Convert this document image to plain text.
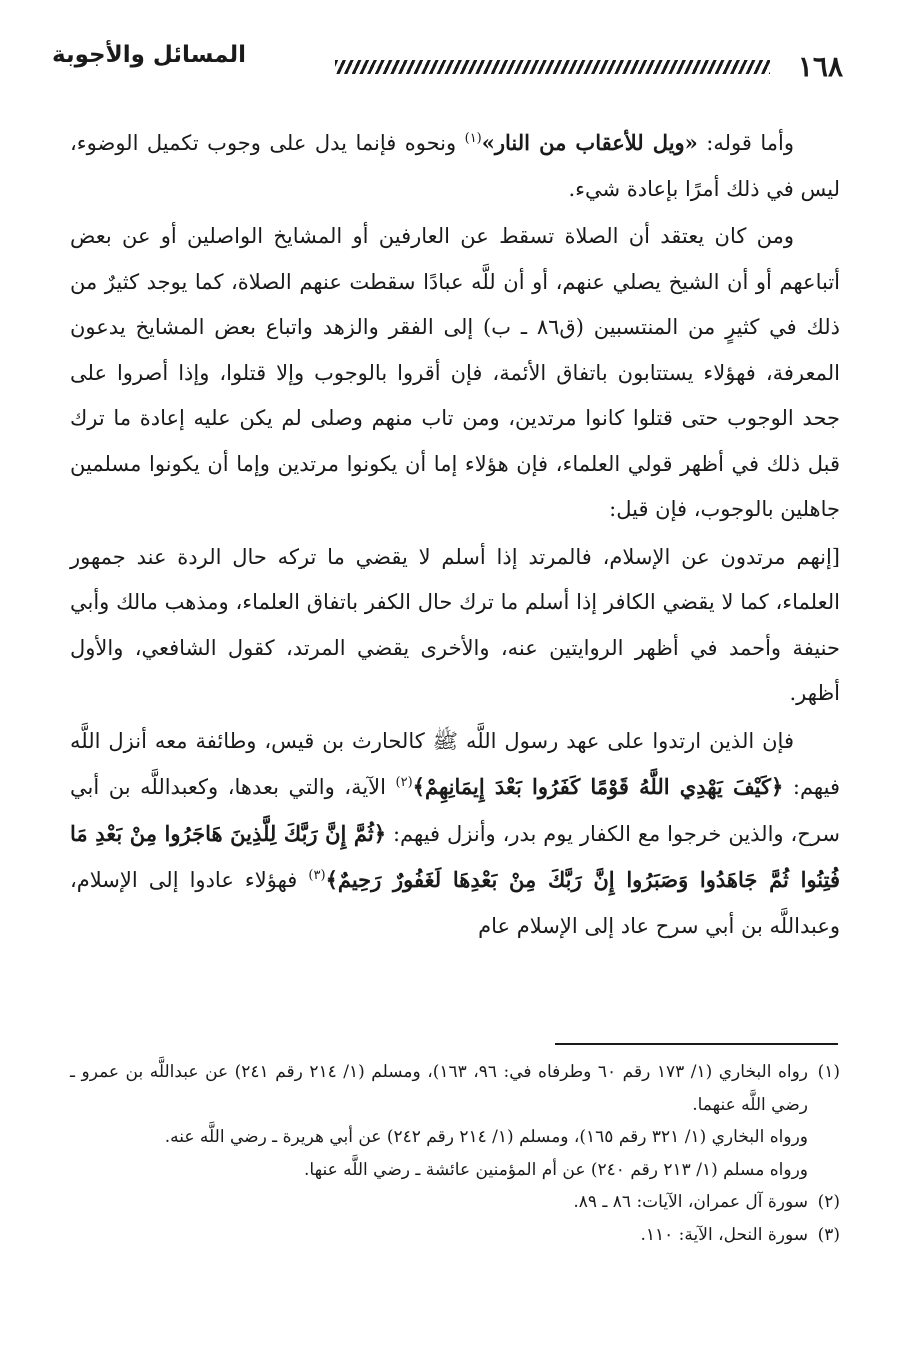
١٦٨
المسائل والأجوبة

وأما قوله: «ويل للأعقاب من النار»$^{(١)}$ ونحوه فإنما يدل على وجوب تكميل الوضوء، ليس في ذلك أمرًا بإعادة شيء.

ومن كان يعتقد أن الصلاة تسقط عن العارفين أو المشايخ الواصلين أو عن بعض أتباعهم أو أن الشيخ يصلي عنهم، أو أن للَّه عبادًا سقطت عنهم الصلاة، كما يوجد كثيرٌ من ذلك في كثيرٍ من المنتسبين (ق٨٦ ـ ب) إلى الفقر والزهد واتباع بعض المشايخ يدعون المعرفة، فهؤلاء يستتابون باتفاق الأئمة، فإن أقروا بالوجوب وإلا قتلوا، وإذا أصروا على جحد الوجوب حتى قتلوا كانوا مرتدين، ومن تاب منهم وصلى لم يكن عليه إعادة ما ترك قبل ذلك في أظهر قولي العلماء، فإن هؤلاء إما أن يكونوا مرتدين وإما أن يكونوا مسلمين جاهلين بالوجوب، فإن قيل:

[إنهم مرتدون عن الإسلام، فالمرتد إذا أسلم لا يقضي ما تركه حال الردة عند جمهور العلماء، كما لا يقضي الكافر إذا أسلم ما ترك حال الكفر باتفاق العلماء، ومذهب مالك وأبي حنيفة وأحمد في أظهر الروايتين عنه، والأخرى يقضي المرتد، كقول الشافعي، والأول أظهر.

فإن الذين ارتدوا على عهد رسول اللَّه ﷺ كالحارث بن قيس، وطائفة معه أنزل اللَّه فيهم: ﴿كَيْفَ يَهْدِي اللَّهُ قَوْمًا كَفَرُوا بَعْدَ إِيمَانِهِمْ﴾$^{(٢)}$ الآية، والتي بعدها، وكعبداللَّه بن أبي سرح، والذين خرجوا مع الكفار يوم بدر، وأنزل فيهم: ﴿ثُمَّ إِنَّ رَبَّكَ لِلَّذِينَ هَاجَرُوا مِنْ بَعْدِ مَا فُتِنُوا ثُمَّ جَاهَدُوا وَصَبَرُوا إِنَّ رَبَّكَ مِنْ بَعْدِهَا لَغَفُورٌ رَحِيمٌ﴾$^{(٣)}$ فهؤلاء عادوا إلى الإسلام، وعبداللَّه بن أبي سرح عاد إلى الإسلام عام

(١)
رواه البخاري (١/ ١٧٣ رقم ٦٠ وطرفاه في: ٩٦، ١٦٣)، ومسلم (١/ ٢١٤ رقم ٢٤١) عن عبداللَّه بن عمرو ـ رضي اللَّه عنهما.

ورواه البخاري (١/ ٣٢١ رقم ١٦٥)، ومسلم (١/ ٢١٤ رقم ٢٤٢) عن أبي هريرة ـ رضي اللَّه عنه.

ورواه مسلم (١/ ٢١٣ رقم ٢٤٠) عن أم المؤمنين عائشة ـ رضي اللَّه عنها.

(٢)
سورة آل عمران، الآيات: ٨٦ ـ ٨٩.

(٣)
سورة النحل، الآية: ١١٠.
